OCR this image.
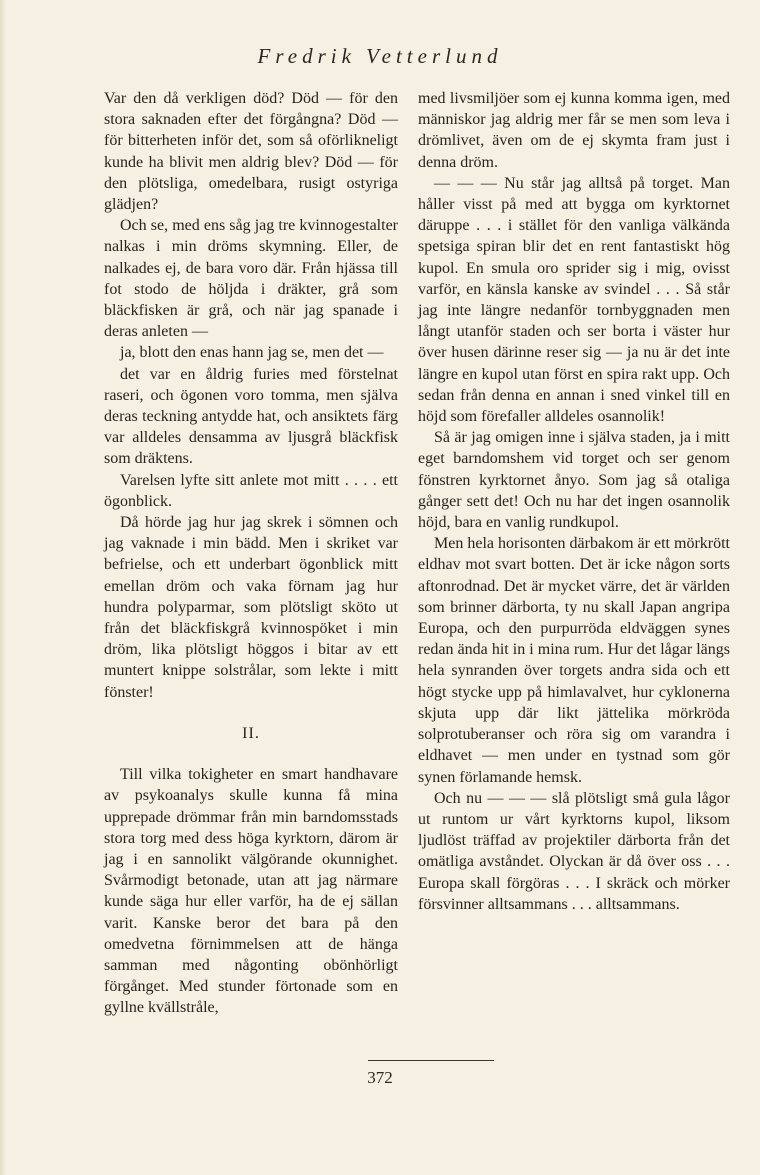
Fredrik Vetterlund

Var den då verkligen död? Död — för den stora saknaden efter det förgångna? Död — för bitterheten inför det, som så oförlikneligt kunde ha blivit men aldrig blev? Död — för den plötsliga, omedelbara, rusigt ostyriga glädjen?

Och se, med ens såg jag tre kvinnogestalter nalkas i min dröms skymning. Eller, de nalkades ej, de bara voro där. Från hjässa till fot stodo de höljda i dräkter, grå som bläckfisken är grå, och när jag spanade i deras anleten —

ja, blott den enas hann jag se, men det —

det var en åldrig furies med förstelnat raseri, och ögonen voro tomma, men själva deras teckning antydde hat, och ansiktets färg var alldeles densamma av ljusgrå bläckfisk som dräktens.

Varelsen lyfte sitt anlete mot mitt . . . . ett ögonblick.

Då hörde jag hur jag skrek i sömnen och jag vaknade i min bädd. Men i skriket var befrielse, och ett underbart ögonblick mitt emellan dröm och vaka förnam jag hur hundra polyparmar, som plötsligt sköto ut från det bläckfiskgrå kvinnospöket i min dröm, lika plötsligt höggos i bitar av ett muntert knippe solstrålar, som lekte i mitt fönster!

II.

Till vilka tokigheter en smart handhavare av psykoanalys skulle kunna få mina upprepade drömmar från min barndomsstads stora torg med dess höga kyrktorn, därom är jag i en sannolikt välgörande okunnighet. Svårmodigt betonade, utan att jag närmare kunde säga hur eller varför, ha de ej sällan varit. Kanske beror det bara på den omedvetna förnimmelsen att de hänga samman med någonting obönhörligt förgånget. Med stunder förtonade som en gyllne kvällstråle,

med livsmiljöer som ej kunna komma igen, med människor jag aldrig mer får se men som leva i drömlivet, även om de ej skymta fram just i denna dröm.

— — — Nu står jag alltså på torget. Man håller visst på med att bygga om kyrktornet däruppe . . . i stället för den vanliga välkända spetsiga spiran blir det en rent fantastiskt hög kupol. En smula oro sprider sig i mig, ovisst varför, en känsla kanske av svindel . . . Så står jag inte längre nedanför tornbyggnaden men långt utanför staden och ser borta i väster hur över husen därinne reser sig — ja nu är det inte längre en kupol utan först en spira rakt upp. Och sedan från denna en annan i sned vinkel till en höjd som förefaller alldeles osannolik!

Så är jag omigen inne i själva staden, ja i mitt eget barndomshem vid torget och ser genom fönstren kyrktornet ånyo. Som jag så otaliga gånger sett det! Och nu har det ingen osannolik höjd, bara en vanlig rundkupol.

Men hela horisonten därbakom är ett mörkrött eldhav mot svart botten. Det är icke någon sorts aftonrodnad. Det är mycket värre, det är världen som brinner därborta, ty nu skall Japan angripa Europa, och den purpurröda eldväggen synes redan ända hit in i mina rum. Hur det lågar längs hela synranden över torgets andra sida och ett högt stycke upp på himlavalvet, hur cyklonerna skjuta upp där likt jättelika mörkröda solprotuberanser och röra sig om varandra i eldhavet — men under en tystnad som gör synen förlamande hemsk.

Och nu — — — slå plötsligt små gula lågor ut runtom ur vårt kyrktorns kupol, liksom ljudlöst träffad av projektiler därborta från det omätliga avståndet. Olyckan är då över oss . . . Europa skall förgöras . . . I skräck och mörker försvinner alltsammans . . . alltsammans.

372
